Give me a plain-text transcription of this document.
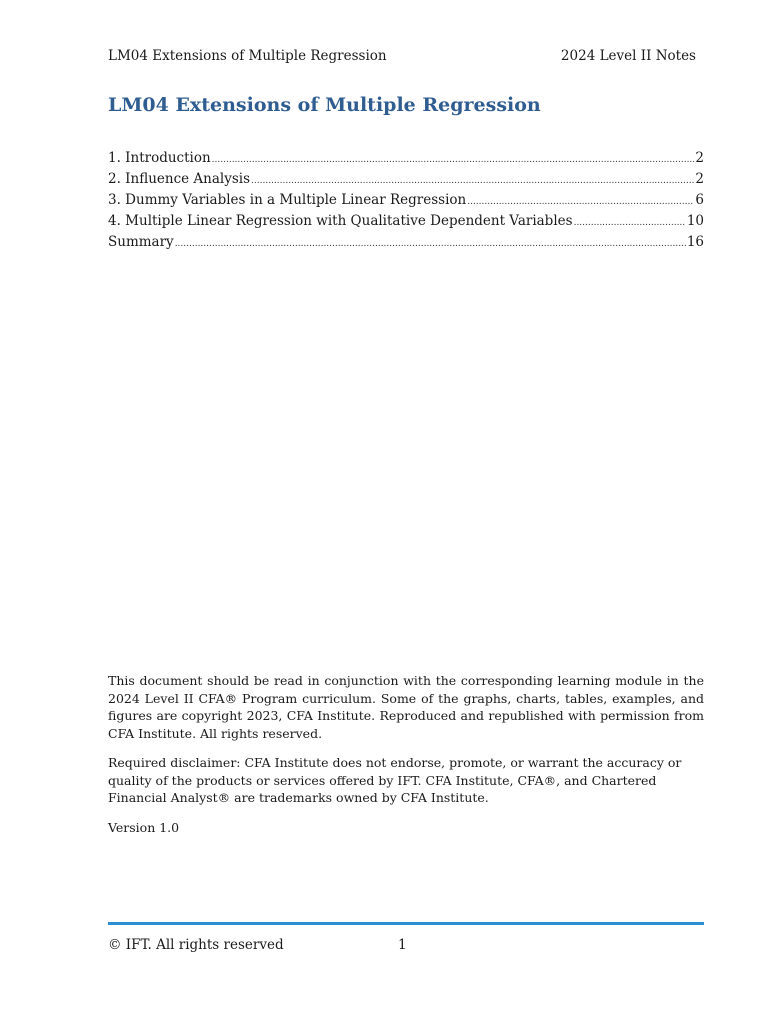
LM04 Extensions of Multiple Regression	2024 Level II Notes
LM04 Extensions of Multiple Regression
1. Introduction .....	2
2. Influence Analysis .....	2
3. Dummy Variables in a Multiple Linear Regression .....	6
4. Multiple Linear Regression with Qualitative Dependent Variables .....	10
Summary .....	16

This document should be read in conjunction with the corresponding learning module in the 2024 Level II CFA® Program curriculum. Some of the graphs, charts, tables, examples, and figures are copyright 2023, CFA Institute. Reproduced and republished with permission from CFA Institute. All rights reserved.

Required disclaimer: CFA Institute does not endorse, promote, or warrant the accuracy or quality of the products or services offered by IFT. CFA Institute, CFA®, and Chartered Financial Analyst® are trademarks owned by CFA Institute.

Version 1.0

© IFT. All rights reserved	1
